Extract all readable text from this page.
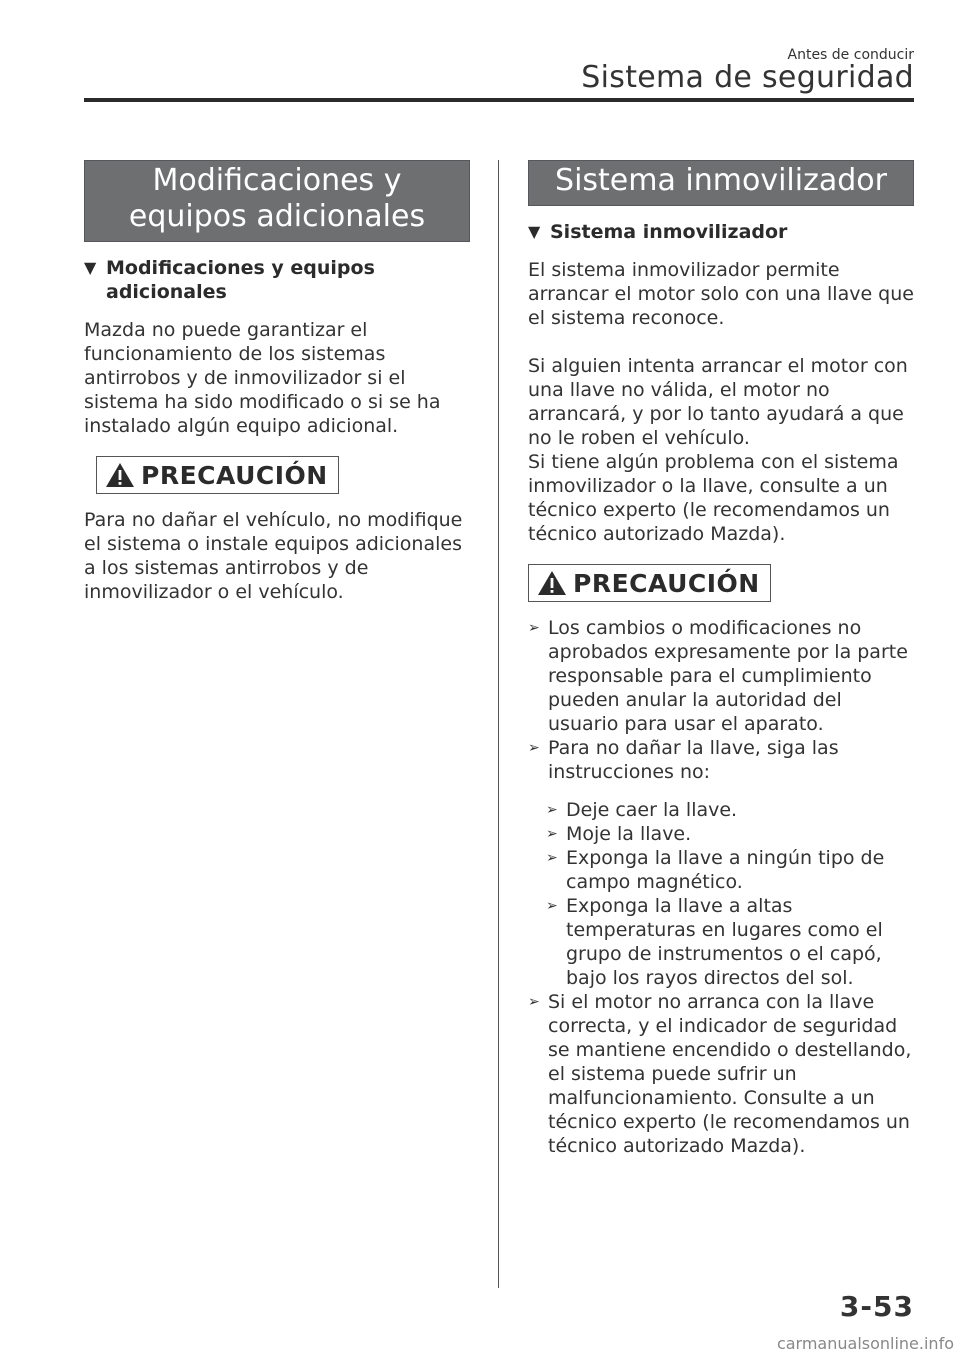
Antes de conducir
Sistema de seguridad
Modificaciones y equipos adicionales
▼ Modificaciones y equipos adicionales
Mazda no puede garantizar el funcionamiento de los sistemas antirrobos y de inmovilizador si el sistema ha sido modificado o si se ha instalado algún equipo adicional.
PRECAUCIÓN
Para no dañar el vehículo, no modifique el sistema o instale equipos adicionales a los sistemas antirrobos y de inmovilizador o el vehículo.
Sistema inmovilizador
▼ Sistema inmovilizador
El sistema inmovilizador permite arrancar el motor solo con una llave que el sistema reconoce.
Si alguien intenta arrancar el motor con una llave no válida, el motor no arrancará, y por lo tanto ayudará a que no le roben el vehículo.
Si tiene algún problema con el sistema inmovilizador o la llave, consulte a un técnico experto (le recomendamos un técnico autorizado Mazda).
PRECAUCIÓN
➢ Los cambios o modificaciones no aprobados expresamente por la parte responsable para el cumplimiento pueden anular la autoridad del usuario para usar el aparato.
➢ Para no dañar la llave, siga las instrucciones no:
➢ Deje caer la llave.
➢ Moje la llave.
➢ Exponga la llave a ningún tipo de campo magnético.
➢ Exponga la llave a altas temperaturas en lugares como el grupo de instrumentos o el capó, bajo los rayos directos del sol.
➢ Si el motor no arranca con la llave correcta, y el indicador de seguridad se mantiene encendido o destellando, el sistema puede sufrir un malfuncionamiento. Consulte a un técnico experto (le recomendamos un técnico autorizado Mazda).
3-53
carmanualsonline.info
